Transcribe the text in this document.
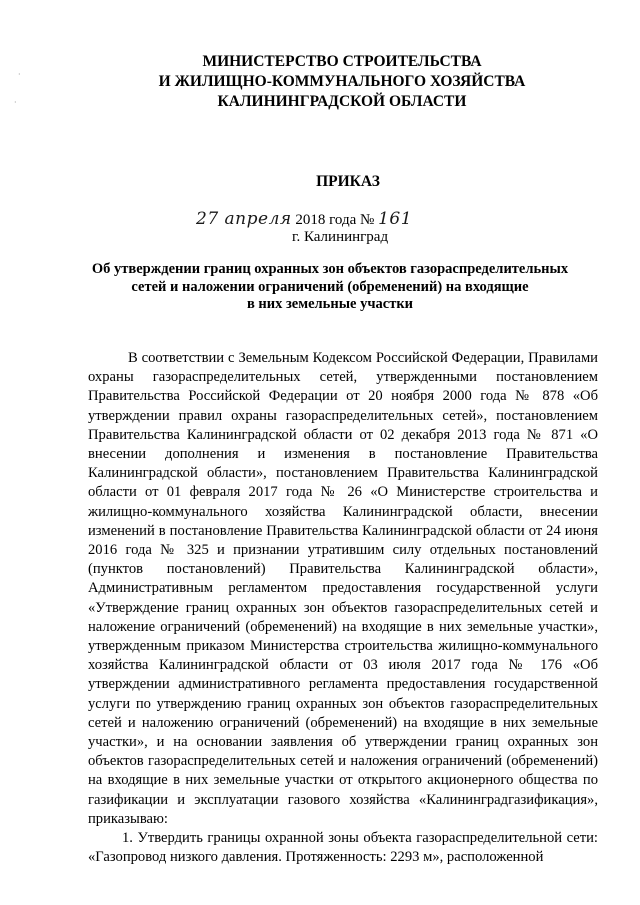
·
·
МИНИСТЕРСТВО СТРОИТЕЛЬСТВА
И ЖИЛИЩНО-КОММУНАЛЬНОГО ХОЗЯЙСТВА
КАЛИНИНГРАДСКОЙ ОБЛАСТИ
ПРИКАЗ
27 апреля 2018 года № 161
г. Калининград
Об утверждении границ охранных зон объектов газораспределительных
сетей и наложении ограничений (обременений) на входящие
в них земельные участки

В соответствии с Земельным Кодексом Российской Федерации, Правилами охраны газораспределительных сетей, утвержденными постановлением Правительства Российской Федерации от 20 ноября 2000 года № 878 «Об утверждении правил охраны газораспределительных сетей», постановлением Правительства Калининградской области от 02 декабря 2013 года № 871 «О внесении дополнения и изменения в постановление Правительства Калининградской области», постановлением Правительства Калининградской области от 01 февраля 2017 года № 26 «О Министерстве строительства и жилищно-коммунального хозяйства Калининградской области, внесении изменений в постановление Правительства Калининградской области от 24 июня 2016 года № 325 и признании утратившим силу отдельных постановлений (пунктов постановлений) Правительства Калининградской области», Административным регламентом предоставления государственной услуги «Утверждение границ охранных зон объектов газораспределительных сетей и наложение ограничений (обременений) на входящие в них земельные участки», утвержденным приказом Министерства строительства жилищно-коммунального хозяйства Калининградской области от 03 июля 2017 года № 176 «Об утверждении административного регламента предоставления государственной услуги по утверждению границ охранных зон объектов газораспределительных сетей и наложению ограничений (обременений) на входящие в них земельные участки», и на основании заявления об утверждении границ охранных зон объектов газораспределительных сетей и наложения ограничений (обременений) на входящие в них земельные участки от открытого акционерного общества по газификации и эксплуатации газового хозяйства «Калининградгазификация», приказываю:

1. Утвердить границы охранной зоны объекта газораспределительной сети: «Газопровод низкого давления. Протяженность: 2293 м», расположенной
